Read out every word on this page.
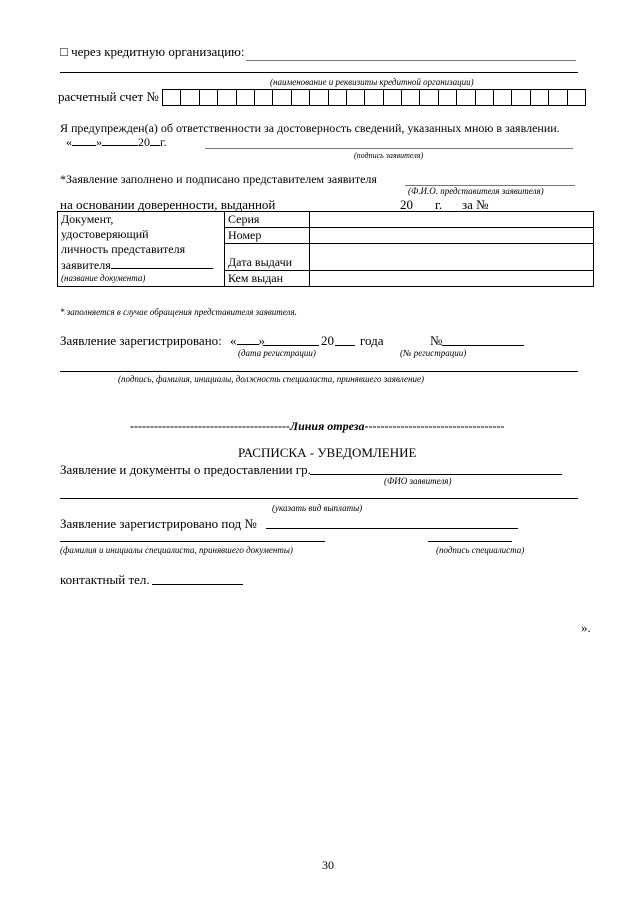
□ через кредитную организацию:
(наименование и реквизиты кредитной организации)
расчетный счет №
Я предупрежден(а) об ответственности за достоверность сведений, указанных мною в заявлении.
« »	20 г.
(подпись заявителя)
*Заявление заполнено и подписано представителем заявителя
(Ф.И.О. представителя заявителя)
на основании доверенности, выданной	20 г. за №
Документ,
удостоверяющий
личность представителя
заявителя
(название документа)	Серия	
	Номер	
	Дата выдачи	
	Кем выдан	
* заполняется в случае обращения представителя заявителя.
Заявление зарегистрировано: « »	20 года	№
(дата регистрации)	(№ регистрации)
(подпись, фамилия, инициалы, должность специалиста, принявшего заявление)
----------------------------------------Линия отреза-----------------------------------
РАСПИСКА - УВЕДОМЛЕНИЕ
Заявление и документы о предоставлении гр.
(ФИО заявителя)
(указать вид выплаты)
Заявление зарегистрировано под №
(фамилия и инициалы специалиста, принявшего документы)	(подпись специалиста)
контактный тел.
».
30
